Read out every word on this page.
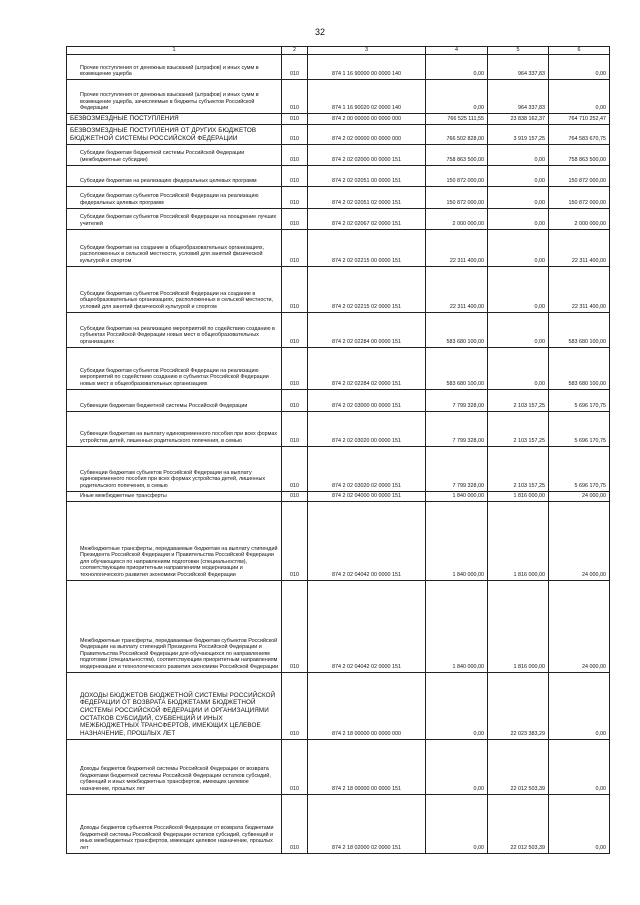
32
1	2	3	4	5	6

Прочие поступления от денежных взысканий (штрафов) и иных сумм в возмещение ущерба	010	874 1 16 90000 00 0000 140	0,00	964 337,83	0,00

Прочие поступления от денежных взысканий (штрафов) и иных сумм в возмещение ущерба, зачисляемые в бюджеты субъектов Российской Федерации	010	874 1 16 90020 02 0000 140	0,00	964 337,83	0,00

БЕЗВОЗМЕЗДНЫЕ ПОСТУПЛЕНИЯ	010	874 2 00 00000 00 0000 000	766 525 111,55	23 838 162,37	764 710 252,47

БЕЗВОЗМЕЗДНЫЕ ПОСТУПЛЕНИЯ ОТ ДРУГИХ БЮДЖЕТОВ БЮДЖЕТНОЙ СИСТЕМЫ РОССИЙСКОЙ ФЕДЕРАЦИИ	010	874 2 02 00000 00 0000 000	766 502 828,00	3 919 157,25	764 583 670,75

Субсидии бюджетам бюджетной системы Российской Федерации (межбюджетные субсидии)	010	874 2 02 02000 00 0000 151	758 863 500,00	0,00	758 863 500,00

Субсидии бюджетам на реализацию федеральных целевых программ	010	874 2 02 02051 00 0000 151	150 872 000,00	0,00	150 872 000,00

Субсидии бюджетам субъектов Российской Федерации на реализацию федеральных целевых программ	010	874 2 02 02051 02 0000 151	150 872 000,00	0,00	150 872 000,00

Субсидии бюджетам субъектов Российской Федерации на поощрение лучших учителей	010	874 2 02 02067 02 0000 151	2 000 000,00	0,00	2 000 000,00

Субсидии бюджетам на создание в общеобразовательных организациях, расположенных в сельской местности, условий для занятий физической культурой и спортом	010	874 2 02 02215 00 0000 151	22 311 400,00	0,00	22 311 400,00

Субсидии бюджетам субъектов Российской Федерации на создание в общеобразовательных организациях, расположенных в сельской местности, условий для занятий физической культурой и спортом	010	874 2 02 02215 02 0000 151	22 311 400,00	0,00	22 311 400,00

Субсидии бюджетам на реализацию мероприятий по содействию созданию в субъектах Российской Федерации новых мест в общеобразовательных организациях	010	874 2 02 02284 00 0000 151	583 680 100,00	0,00	583 680 100,00

Субсидии бюджетам субъектов Российской Федерации на реализацию мероприятий по содействию созданию в субъектах Российской Федерации новых мест в общеобразовательных организациях	010	874 2 02 02284 02 0000 151	583 680 100,00	0,00	583 680 100,00

Субвенции бюджетам бюджетной системы Российской Федерации	010	874 2 02 03000 00 0000 151	7 799 328,00	2 103 157,25	5 696 170,75

Субвенции бюджетам на выплату единовременного пособия при всех формах устройства детей, лишенных родительского попечения, в семью	010	874 2 02 03020 00 0000 151	7 799 328,00	2 103 157,25	5 696 170,75

Субвенции бюджетам субъектов Российской Федерации на выплату единовременного пособия при всех формах устройства детей, лишенных родительского попечения, в семью	010	874 2 02 03020 02 0000 151	7 799 328,00	2 103 157,25	5 696 170,75

Иные межбюджетные трансферты	010	874 2 02 04000 00 0000 151	1 840 000,00	1 816 000,00	24 000,00

Межбюджетные трансферты, передаваемые бюджетам на выплату стипендий Президента Российской Федерации и Правительства Российской Федерации для обучающихся по направлениям подготовки (специальностям), соответствующим приоритетным направлениям модернизации и технологического развития экономики Российской Федерации	010	874 2 02 04042 00 0000 151	1 840 000,00	1 816 000,00	24 000,00

Межбюджетные трансферты, передаваемые бюджетам субъектов Российской Федерации на выплату стипендий Президента Российской Федерации и Правительства Российской Федерации для обучающихся по направлениям подготовки (специальностям), соответствующим приоритетным направлениям модернизации и технологического развития экономики Российской Федерации	010	874 2 02 04042 02 0000 151	1 840 000,00	1 816 000,00	24 000,00

ДОХОДЫ БЮДЖЕТОВ БЮДЖЕТНОЙ СИСТЕМЫ РОССИЙСКОЙ ФЕДЕРАЦИИ ОТ ВОЗВРАТА БЮДЖЕТАМИ БЮДЖЕТНОЙ СИСТЕМЫ РОССИЙСКОЙ ФЕДЕРАЦИИ И ОРГАНИЗАЦИЯМИ ОСТАТКОВ СУБСИДИЙ, СУБВЕНЦИЙ И ИНЫХ МЕЖБЮДЖЕТНЫХ ТРАНСФЕРТОВ, ИМЕЮЩИХ ЦЕЛЕВОЕ НАЗНАЧЕНИЕ, ПРОШЛЫХ ЛЕТ	010	874 2 18 00000 00 0000 000	0,00	22 023 383,29	0,00

Доходы бюджетов бюджетной системы Российской Федерации от возврата бюджетами бюджетной системы Российской Федерации остатков субсидий, субвенций и иных межбюджетных трансфертов, имеющих целевое назначение, прошлых лет	010	874 2 18 00000 00 0000 151	0,00	22 012 503,39	0,00

Доходы бюджетов субъектов Российской Федерации от возврата бюджетами бюджетной системы Российской Федерации остатков субсидий, субвенций и иных межбюджетных трансфертов, имеющих целевое назначение, прошлых лет	010	874 2 18 02000 02 0000 151	0,00	22 012 503,39	0,00
